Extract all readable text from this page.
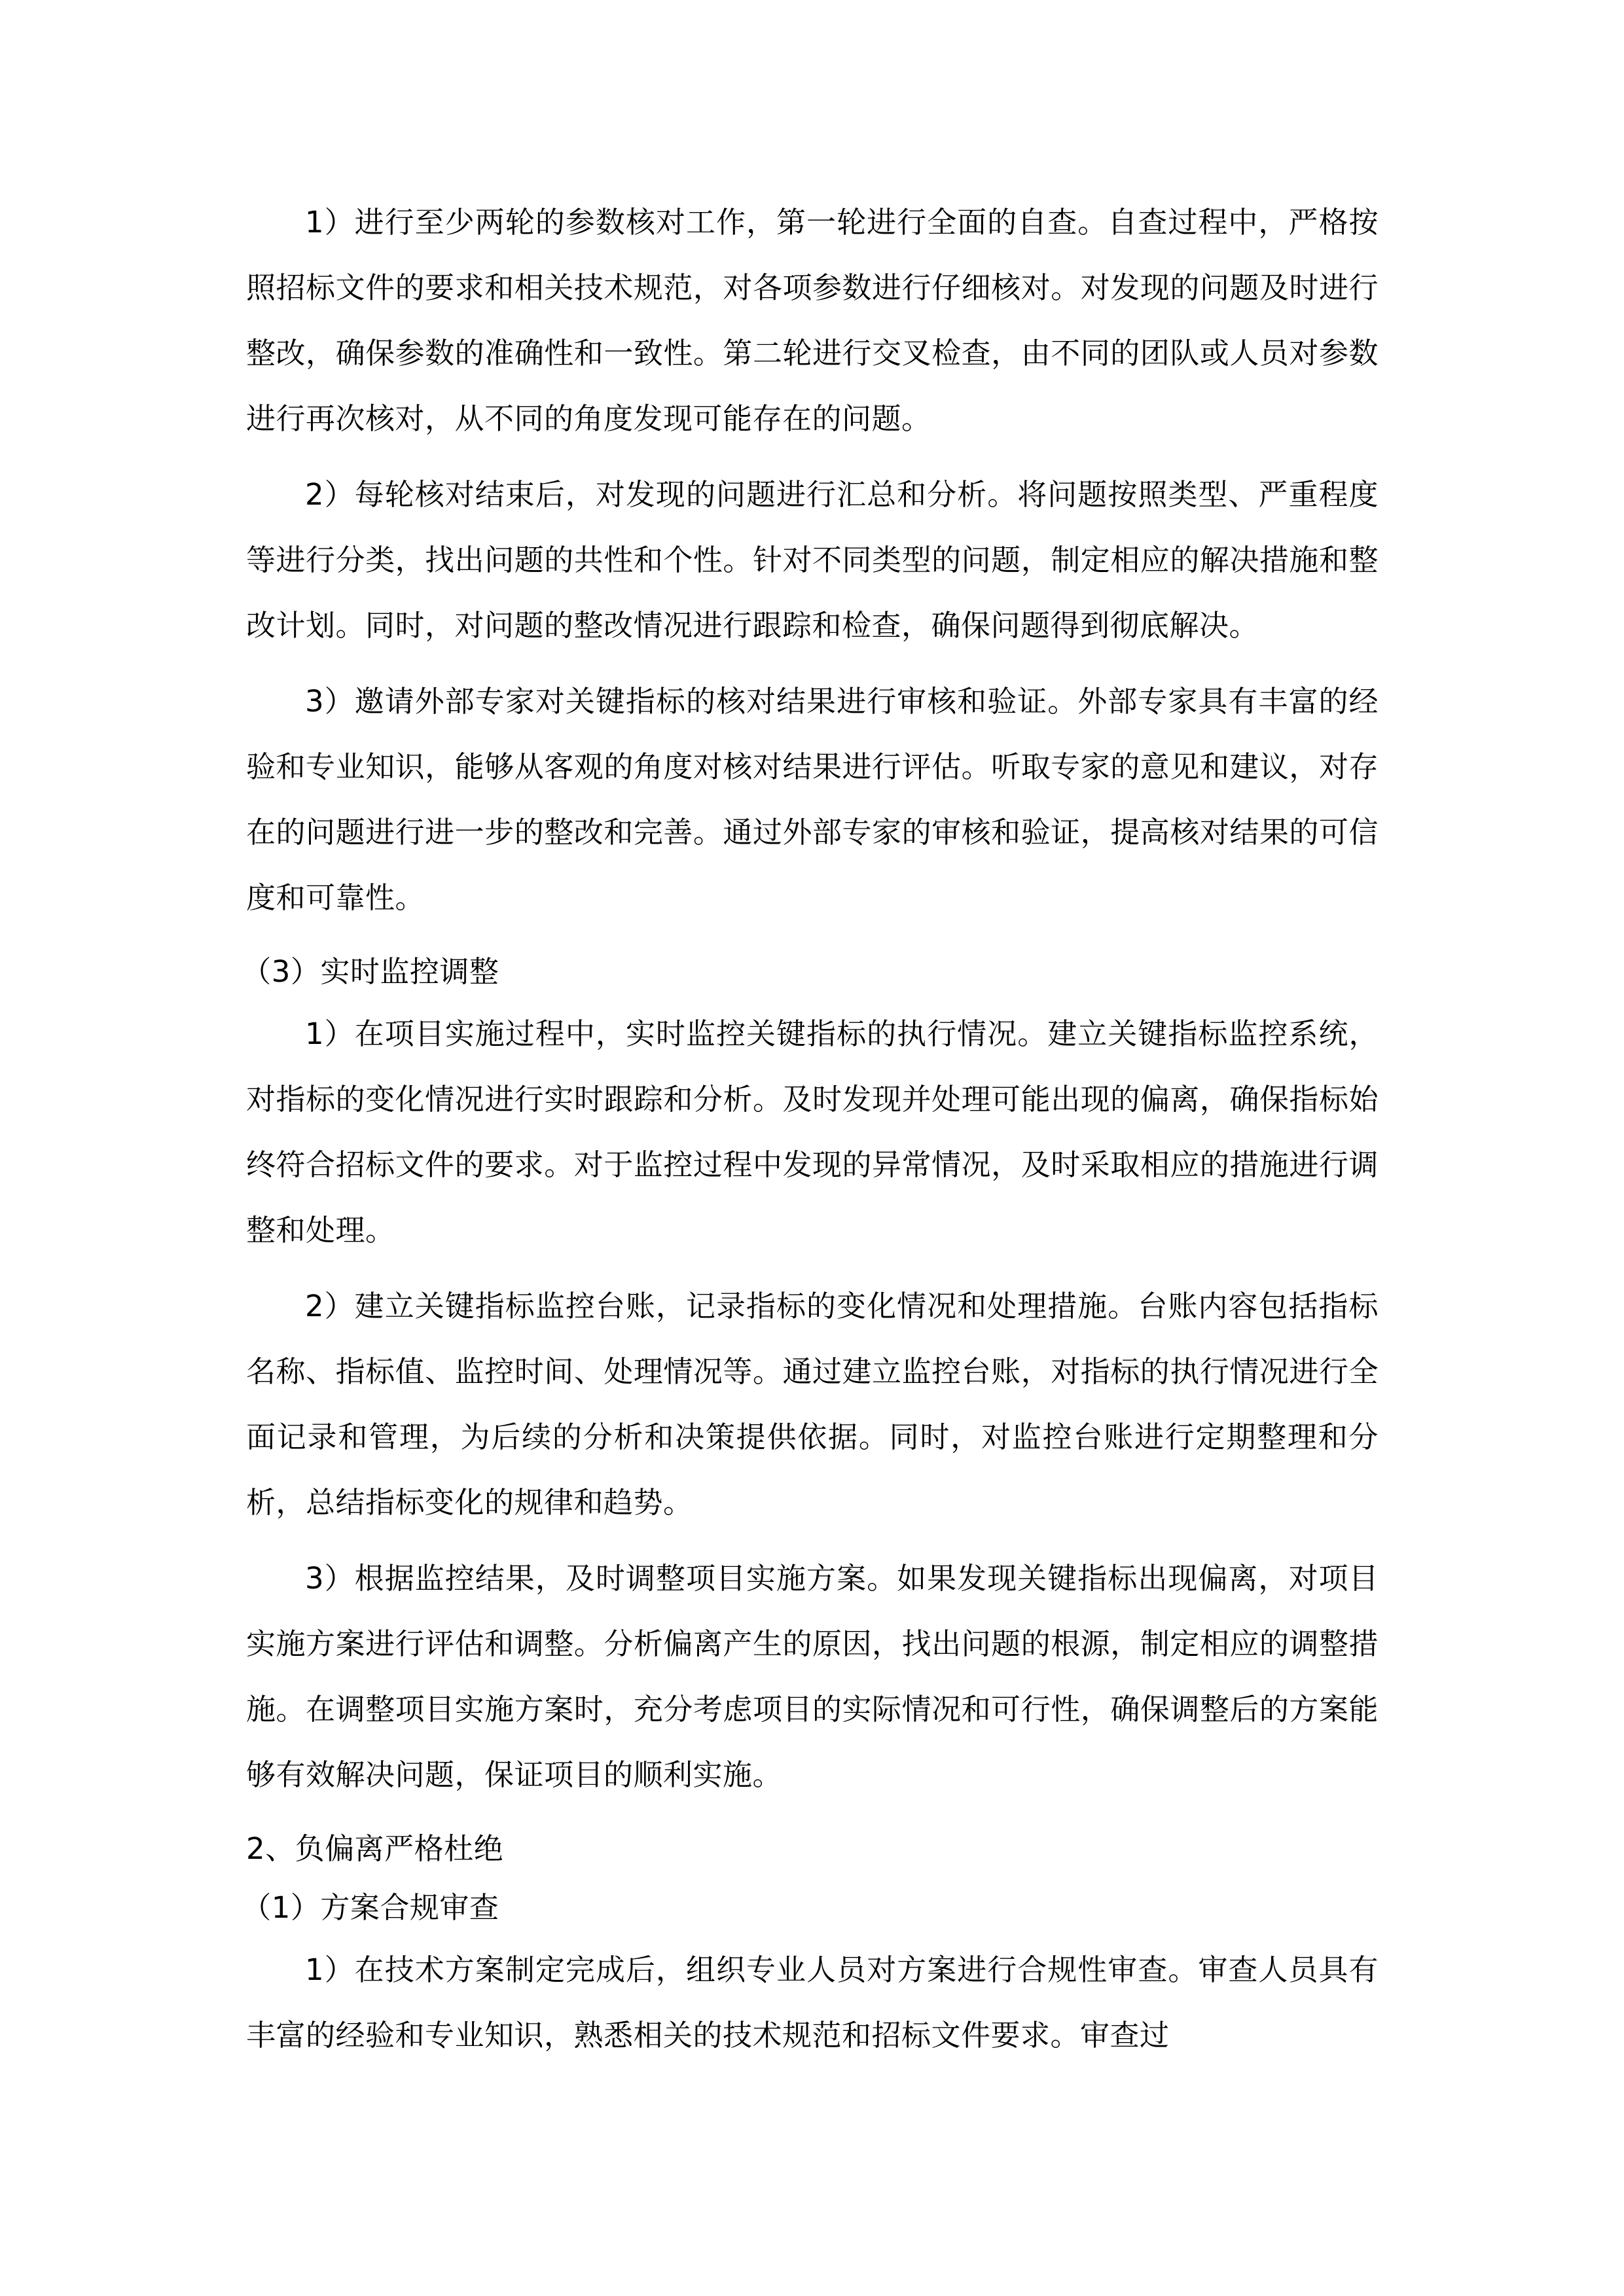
1）进行至少两轮的参数核对工作，第一轮进行全面的自查。自查过程中，严格按照招标文件的要求和相关技术规范，对各项参数进行仔细核对。对发现的问题及时进行整改，确保参数的准确性和一致性。第二轮进行交叉检查，由不同的团队或人员对参数进行再次核对，从不同的角度发现可能存在的问题。

2）每轮核对结束后，对发现的问题进行汇总和分析。将问题按照类型、严重程度等进行分类，找出问题的共性和个性。针对不同类型的问题，制定相应的解决措施和整改计划。同时，对问题的整改情况进行跟踪和检查，确保问题得到彻底解决。

3）邀请外部专家对关键指标的核对结果进行审核和验证。外部专家具有丰富的经验和专业知识，能够从客观的角度对核对结果进行评估。听取专家的意见和建议，对存在的问题进行进一步的整改和完善。通过外部专家的审核和验证，提高核对结果的可信度和可靠性。

（3）实时监控调整

1）在项目实施过程中，实时监控关键指标的执行情况。建立关键指标监控系统，对指标的变化情况进行实时跟踪和分析。及时发现并处理可能出现的偏离，确保指标始终符合招标文件的要求。对于监控过程中发现的异常情况，及时采取相应的措施进行调整和处理。

2）建立关键指标监控台账，记录指标的变化情况和处理措施。台账内容包括指标名称、指标值、监控时间、处理情况等。通过建立监控台账，对指标的执行情况进行全面记录和管理，为后续的分析和决策提供依据。同时，对监控台账进行定期整理和分析，总结指标变化的规律和趋势。

3）根据监控结果，及时调整项目实施方案。如果发现关键指标出现偏离，对项目实施方案进行评估和调整。分析偏离产生的原因，找出问题的根源，制定相应的调整措施。在调整项目实施方案时，充分考虑项目的实际情况和可行性，确保调整后的方案能够有效解决问题，保证项目的顺利实施。

2、负偏离严格杜绝

（1）方案合规审查

1）在技术方案制定完成后，组织专业人员对方案进行合规性审查。审查人员具有丰富的经验和专业知识，熟悉相关的技术规范和招标文件要求。审查过
